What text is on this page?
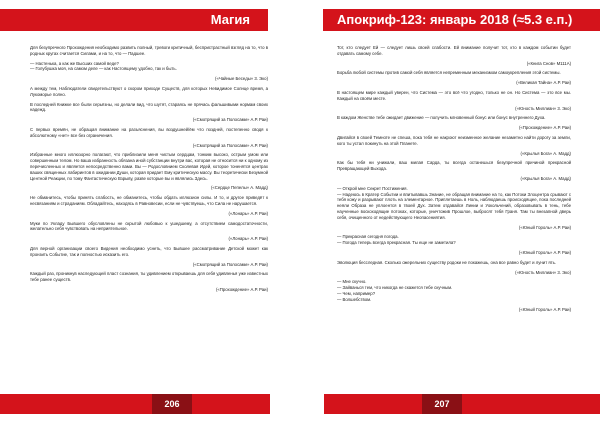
Магия

Для безупречного Прохождения необходимо развить полный, тревоги критичный, беспристрастный взгляд на то, что в родных кругах считается Силами, и на то, что — Падшее.

— Настенька, а как же Высших самой веде?

— Голубушка моя, на самом деле — как Настоящему удобно, так и быть.

(«Чайные Беседы» 3. Эко)

А между тем, Наблюдатели свидетельствуют о скором приходе Существ, для которых Невидимое Солнце время, а Лукоморье полно.

В последней Книжке все были серьёзны, но делали вид, что шутят, стараясь не прячась фальшивыми нормам своих надежд.

(«Смотрящий за Полосами» А.Р. Раи)

С первых времён, не обращая внимание на разъяснения, вы воздушней/ём что поздней, постепенно сводя к абсолютному «нет» все без ограничения.

(«Смотрящий за Полосами» А.Р. Раи)

Избранные много иллюзорно полагают, что приблизили меня чистым сердцам, тонким высоко, острым умом или совершенным телом. Но ваша избранность обязана иной субстанции внутри вас, которая не относится ни к одному из перечисленных и является непосредственно вами. Вы — Родословнием Сколевая Идей, которое тоненятся центрах ваших священных лабиринтов в ожидании Души, которая придает Ему критическую массу. Вы теоретически Безумной Центной Реакции, по тому Фантастическую Взрыву, разве которые вы и являлись Здесь.

(«Сердце Пепелы» А. Мадд)

Не обманитесь, чтобы принять слабость, не обманитесь, чтобы обдать иллюзион силы. И то, и другое приведёт к несвязаниям и страданиям. Обладайтесь, находясь в Равновесии, если не чувствуешь, что Сила не нарушается.

(«Лонарь» А.Р. Раи)

Муки по Укладу Бывшего обусловлены не скрытой любовью к ушедшему, а отсутствием самодостаточности, желательно себя чувствовать на неприятельное.

(«Лонарь» А.Р. Раи)

Для верной организации своего Видения необходимо уснеть, что Бывшее рассматривание Детской может как пронзить Событие, так и полностью исказить его.

(«Смотрящий за Полосами» А.Р. Раи)

Каждый раз, проникнув наследующей пласт сознания, ты удивлением открываешь для себя удивленья уже известных тебе ранее существ.

(«Прохождение» А.Р. Раи)

206
Апокриф-123: январь 2018 (≈5.3 е.п.)

Тот, кто следует Ей — следует лишь своей слабости. Ей внимание получит тот, кто в каждом событии будет отдавать самому себе.

(«Книга Снов» М111А)

Борьба любой системы против самой себя является непременным механизмом самоукрепления этой системы.

(«Великая Тайна» А.Р. Раи)

В настоящем мире каждый уверен, что Система — это всё что угодно, только не он. Но Система — это все мы. Каждый на своём месте.

(«Юность Миллиан» 3. Эко)

В каждом Женстве тебе ожидает движение — получить мгновенный бонус или бонус внутреннего Духа.

(«Прохождение» А.Р. Раи)

Двигайся в своей Темноте не спеша, пока тебя не накроют неизменное желание незаметно найти дорогу за земли, кого ты устал покинуть на этой Планете.

(«Крылья Бога» А. Мадд)

Как бы тебя ни унижали, ваш милая Сарда, ты всегда останешься безупречной причиной прекрасной Превращающей Выхода.

(«Крылья Бога» А. Мадд)

— Открой мне Секрет Постижения.

— Надеюсь в Кратер Событии и впитывавшь Знание, не обращая внимание на то, как Потоки Злоцентра срывают с тебя кожу и разрывают плоть на элементарное. Приплетаешь в Ноль, наблюдаешь происходящее, пока последней неяли Образа не уплоентся в твоей Дух. Затем отдавайся Линии и Уокольчений, образовывать в тень, тебе наученные воскоходящие потоках, которые, уничтожив Прошлое, выбросят тебя Граня. Там ты внезапной дверь себя, очищенного от недействующего Неопасениятия.

(«Юный Гороль» А.Р. Раи)

— Прекрасная сегодня погода.

— Погода теперь всегда прекрасная. Ты еще не заметила?

(«Юный Гороль» А.Р. Раи)

Эволюция бесследная. Сколько ожерельних существу родоки не покажешь, она все равно будет и лунит ять.

(«Юность Миллиан» 3. Эко)

— Мне скучно.

— Зайванься тем, что никогда не скажется тебе скучным.

— Чем, например?

— Волшебством.

(«Юный Гороль» А.Р. Раи)

207
